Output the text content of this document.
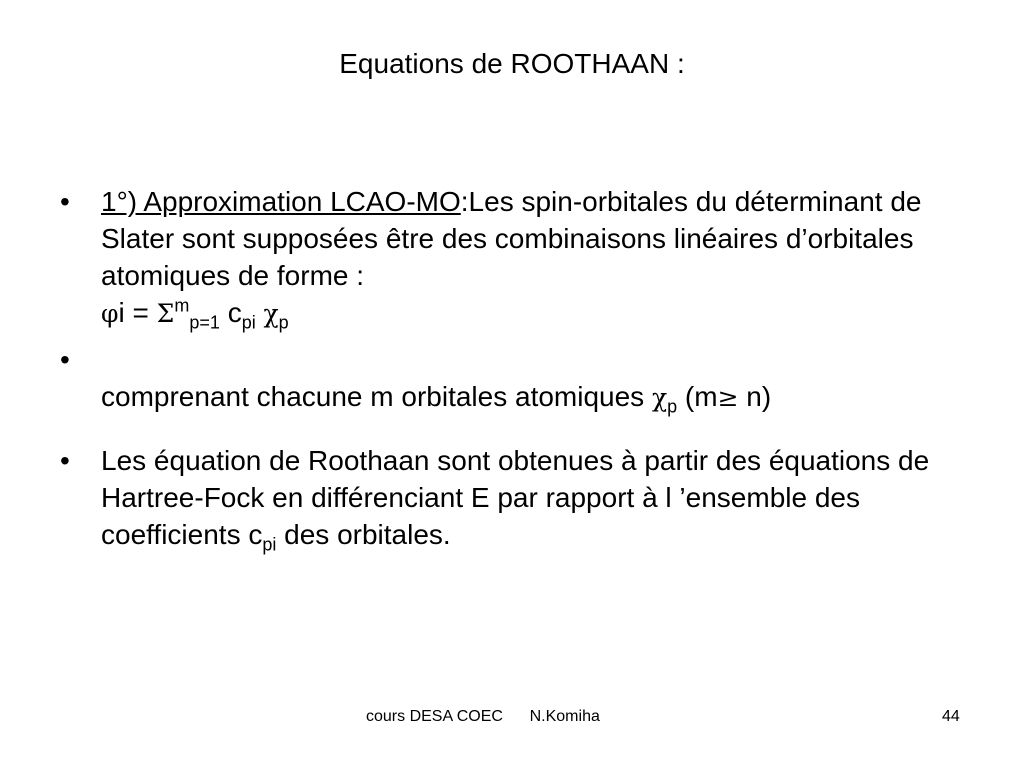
Equations de ROOTHAAN :
• 1°) Approximation LCAO-MO:Les spin-orbitales du déterminant de Slater sont supposées être des combinaisons linéaires d’orbitales atomiques de forme :
$\varphi i = \Sigma^m_{p=1}$ $c_{pi}$ $\chi_p$
•

comprenant chacune m orbitales atomiques $\chi_p$ (m≥ n)
• Les équation de Roothaan sont obtenues à partir des équations de Hartree-Fock en différenciant E par rapport à l ’ensemble des coefficients $c_{pi}$ des orbitales.
cours DESA COEC N.Komiha	44
